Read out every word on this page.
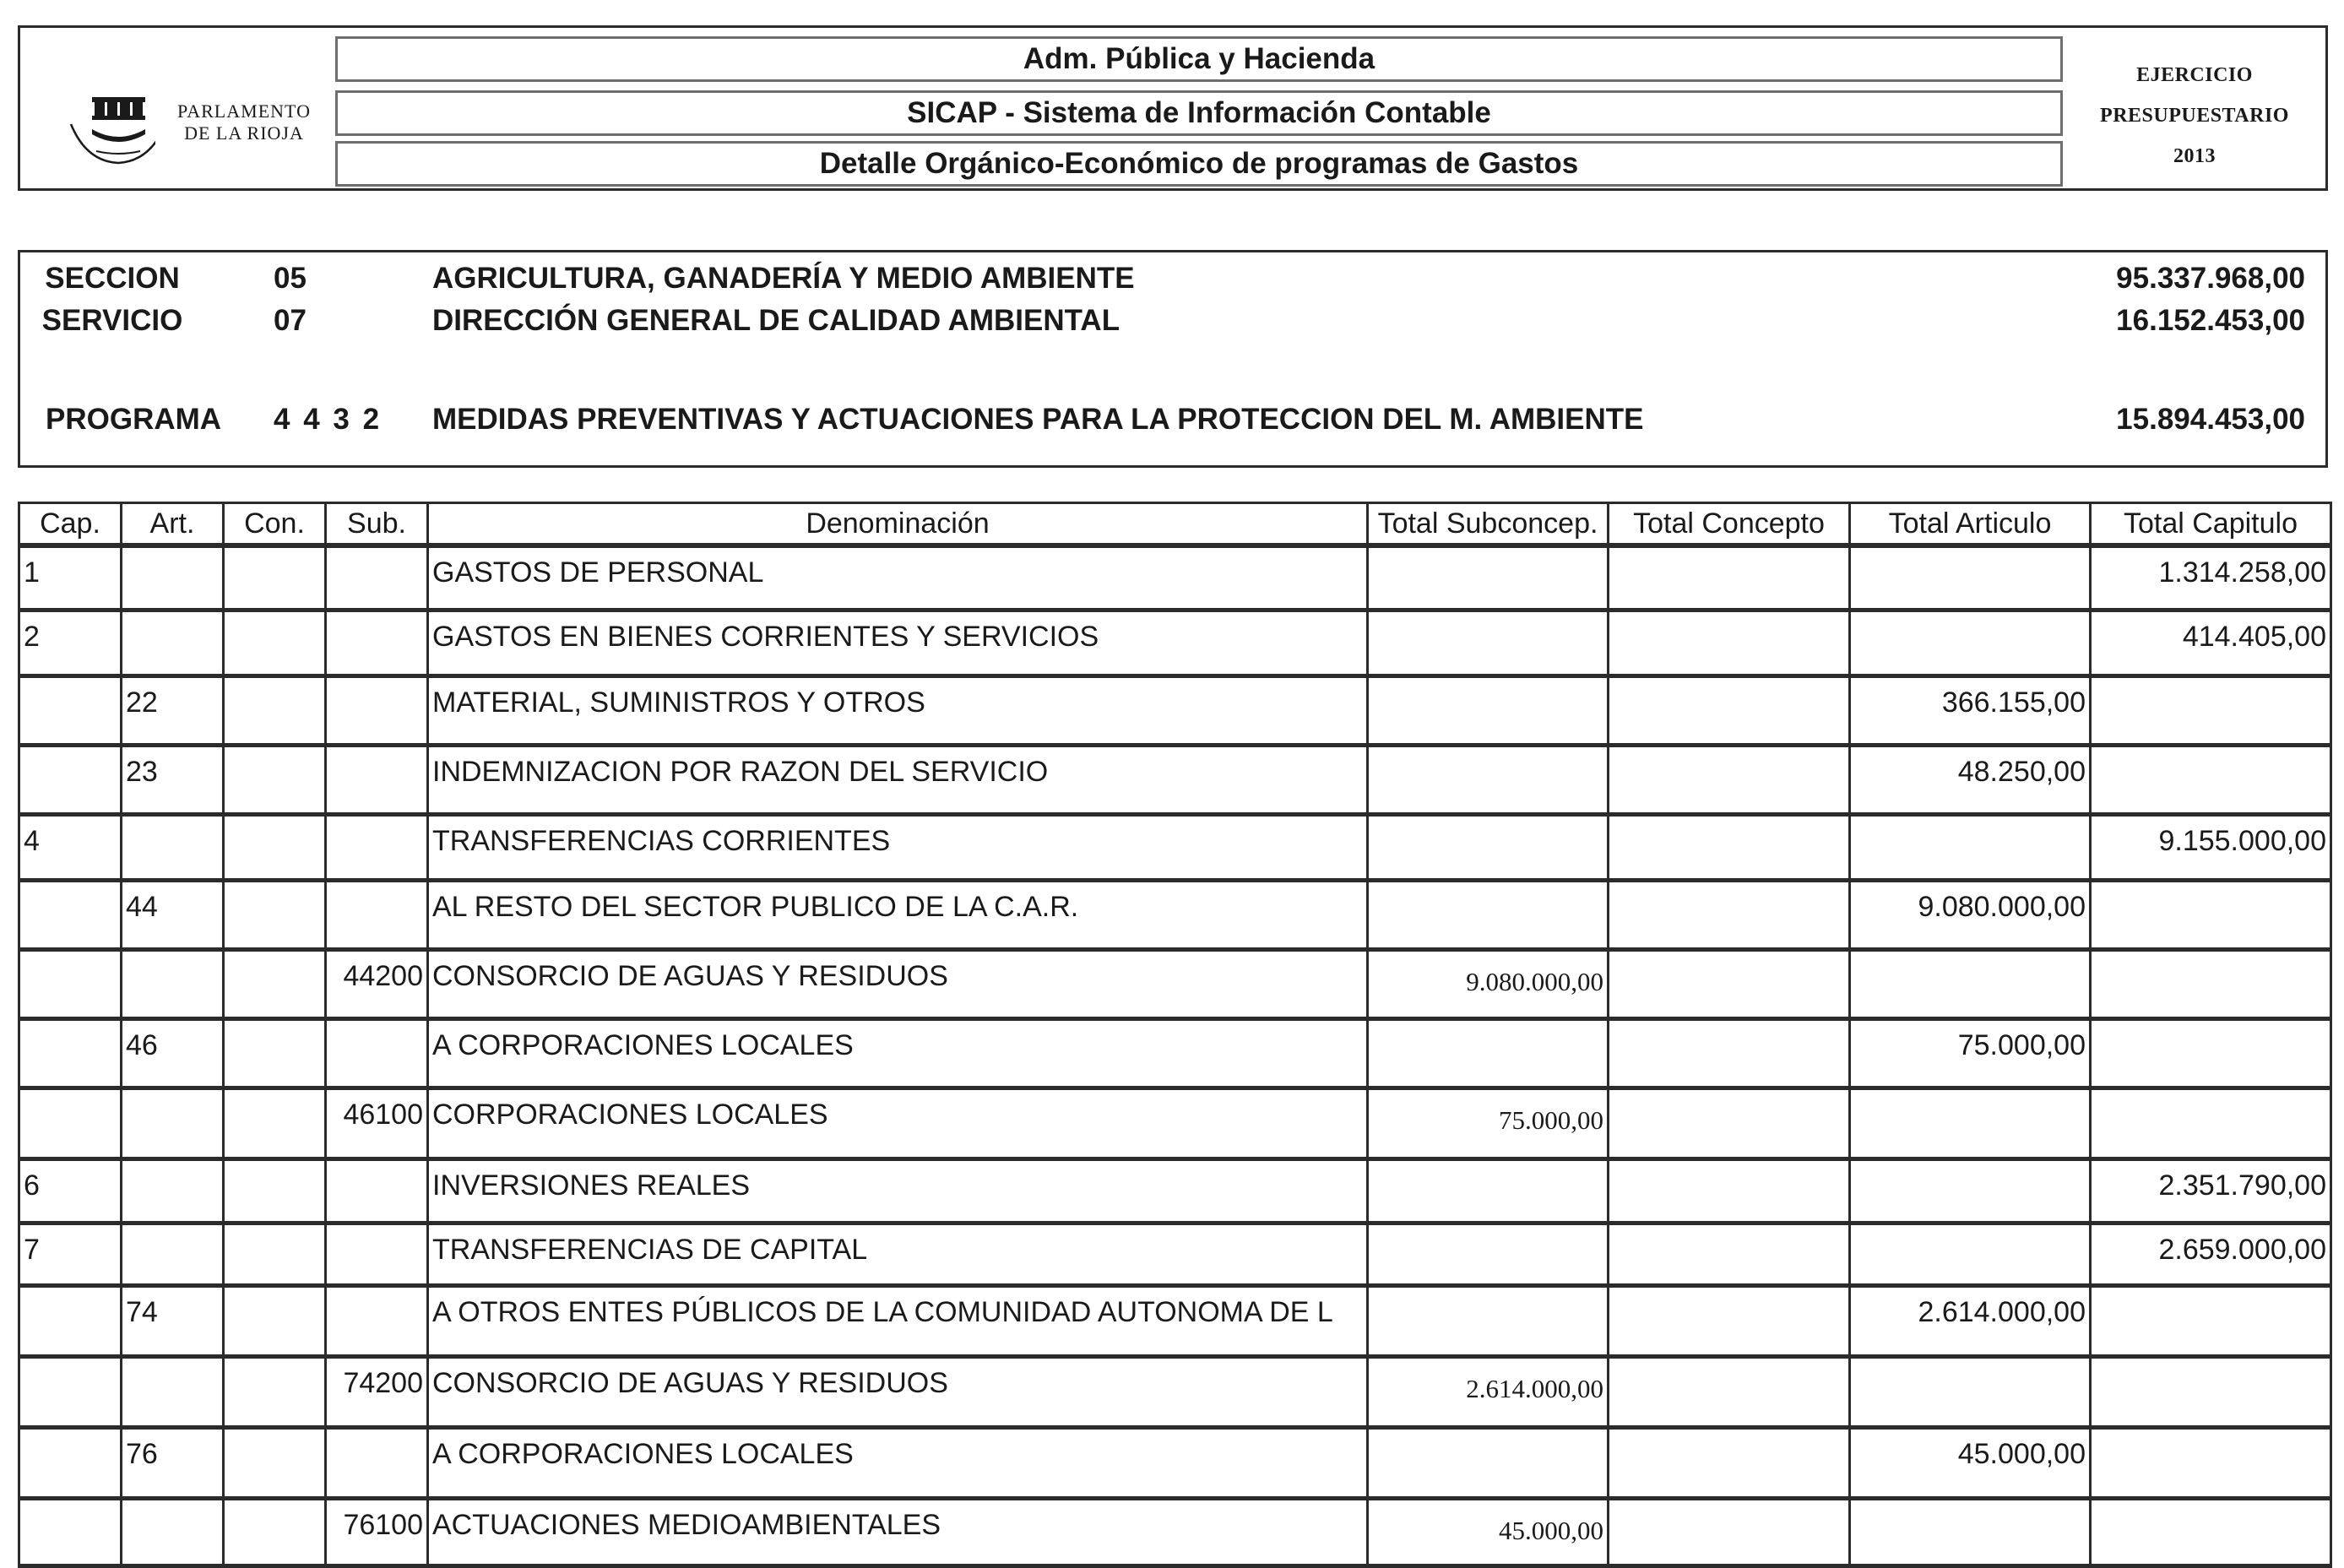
PARLAMENTO
DE LA RIOJA
Adm. Pública y Hacienda
SICAP - Sistema de Información Contable
Detalle Orgánico-Económico de programas de Gastos
EJERCICIO
PRESUPUESTARIO
2013
SECCION	05	AGRICULTURA, GANADERÍA Y MEDIO AMBIENTE	95.337.968,00
SERVICIO	07	DIRECCIÓN GENERAL DE CALIDAD AMBIENTAL	16.152.453,00
PROGRAMA	4 4 3 2 MEDIDAS PREVENTIVAS Y ACTUACIONES PARA LA PROTECCION DEL M. AMBIENTE	15.894.453,00
Cap.	Art.	Con.	Sub.	Denominación	Total Subconcep.	Total Concepto	Total Articulo	Total Capitulo
1				GASTOS DE PERSONAL				1.314.258,00
2				GASTOS EN BIENES CORRIENTES Y SERVICIOS				414.405,00
	22			MATERIAL, SUMINISTROS Y OTROS			366.155,00	
	23			INDEMNIZACION POR RAZON DEL SERVICIO			48.250,00	
4				TRANSFERENCIAS CORRIENTES				9.155.000,00
	44			AL RESTO DEL SECTOR PUBLICO DE LA C.A.R.			9.080.000,00	
			44200	CONSORCIO DE AGUAS Y RESIDUOS	9.080.000,00			
	46			A CORPORACIONES LOCALES			75.000,00	
			46100	CORPORACIONES LOCALES	75.000,00			
6				INVERSIONES REALES				2.351.790,00
7				TRANSFERENCIAS DE CAPITAL				2.659.000,00
	74			A OTROS ENTES PÚBLICOS DE LA COMUNIDAD AUTONOMA DE L			2.614.000,00	
			74200	CONSORCIO DE AGUAS Y RESIDUOS	2.614.000,00			
	76			A CORPORACIONES LOCALES			45.000,00	
			76100	ACTUACIONES MEDIOAMBIENTALES	45.000,00			
